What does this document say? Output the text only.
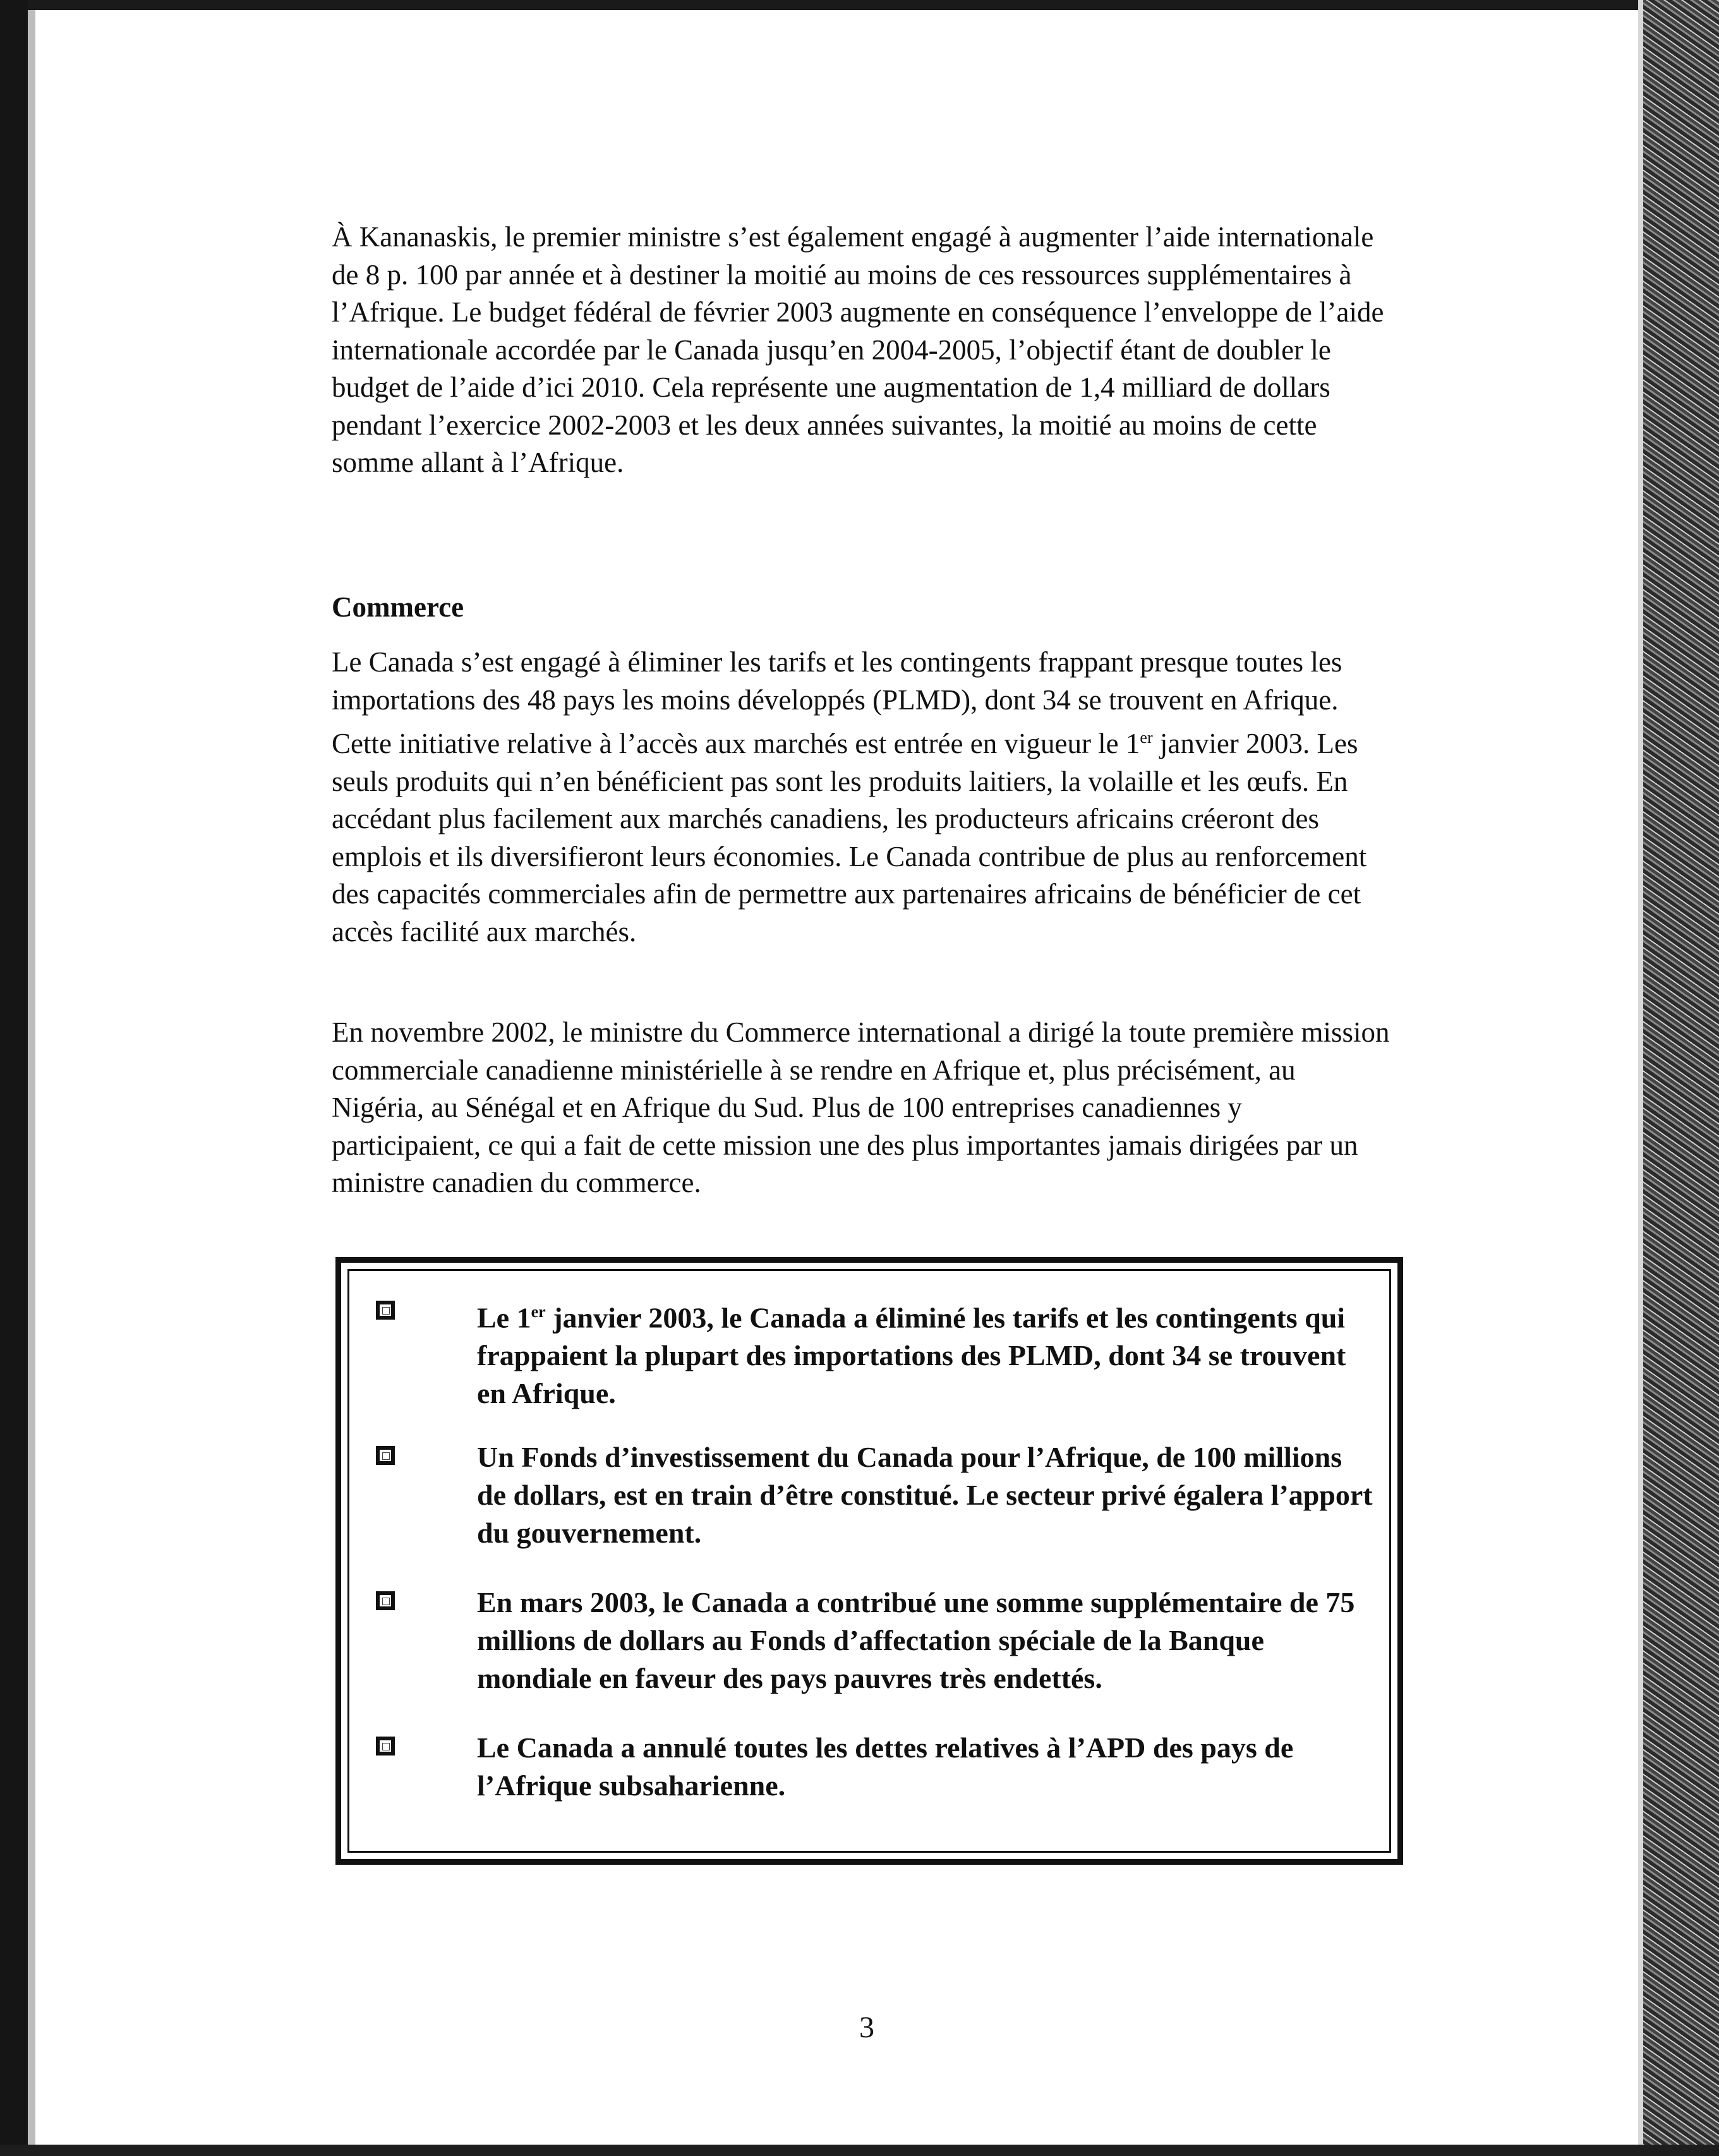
À Kananaskis, le premier ministre s’est également engagé à augmenter l’aide internationale de 8 p. 100 par année et à destiner la moitié au moins de ces ressources supplémentaires à l’Afrique. Le budget fédéral de février 2003 augmente en conséquence l’enveloppe de l’aide internationale accordée par le Canada jusqu’en 2004-2005, l’objectif étant de doubler le budget de l’aide d’ici 2010. Cela représente une augmentation de 1,4 milliard de dollars pendant l’exercice 2002-2003 et les deux années suivantes, la moitié au moins de cette somme allant à l’Afrique.

Commerce

Le Canada s’est engagé à éliminer les tarifs et les contingents frappant presque toutes les importations des 48 pays les moins développés (PLMD), dont 34 se trouvent en Afrique. Cette initiative relative à l’accès aux marchés est entrée en vigueur le 1er janvier 2003. Les seuls produits qui n’en bénéficient pas sont les produits laitiers, la volaille et les œufs. En accédant plus facilement aux marchés canadiens, les producteurs africains créeront des emplois et ils diversifieront leurs économies. Le Canada contribue de plus au renforcement des capacités commerciales afin de permettre aux partenaires africains de bénéficier de cet accès facilité aux marchés.

En novembre 2002, le ministre du Commerce international a dirigé la toute première mission commerciale canadienne ministérielle à se rendre en Afrique et, plus précisément, au Nigéria, au Sénégal et en Afrique du Sud. Plus de 100 entreprises canadiennes y participaient, ce qui a fait de cette mission une des plus importantes jamais dirigées par un ministre canadien du commerce.

Le 1er janvier 2003, le Canada a éliminé les tarifs et les contingents qui frappaient la plupart des importations des PLMD, dont 34 se trouvent en Afrique.

Un Fonds d’investissement du Canada pour l’Afrique, de 100 millions de dollars, est en train d’être constitué. Le secteur privé égalera l’apport du gouvernement.

En mars 2003, le Canada a contribué une somme supplémentaire de 75 millions de dollars au Fonds d’affectation spéciale de la Banque mondiale en faveur des pays pauvres très endettés.

Le Canada a annulé toutes les dettes relatives à l’APD des pays de l’Afrique subsaharienne.

3
